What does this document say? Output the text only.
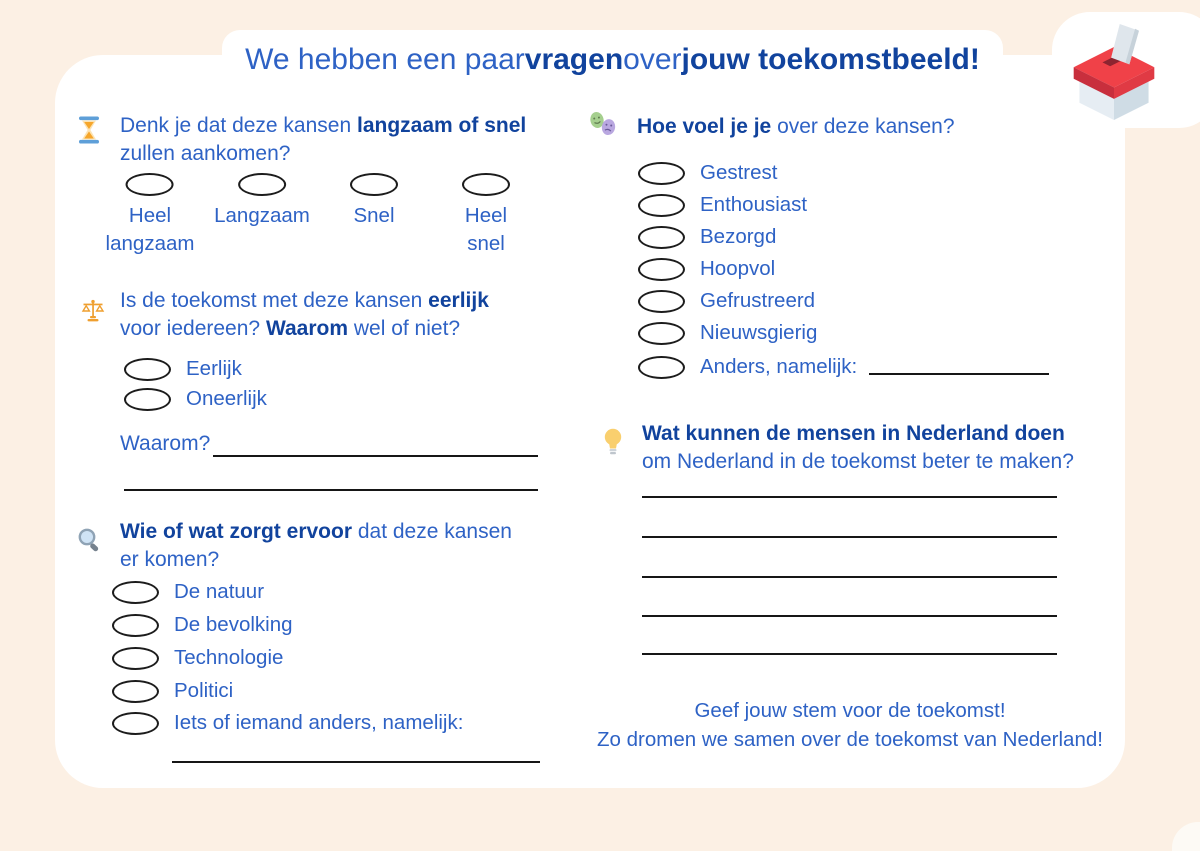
We hebben een paar vragen over jouw toekomstbeeld !
Denk je dat deze kansen langzaam of snel
zullen aankomen?
Heel
langzaam
Langzaam Snel	Heel
snel
Is de toekomst met deze kansen eerlijk
voor iedereen? Waarom wel of niet?
Eerlijk
Oneerlijk
Waarom?
Wie of wat zorgt ervoor dat deze kansen
er komen?
De natuur
De bevolking
Technologie
Politici
Iets of iemand anders, namelijk:
Hoe voel je je over deze kansen?
Gestrest
Enthousiast
Bezorgd
Hoopvol
Gefrustreerd
Nieuwsgierig
Anders, namelijk:
Wat kunnen de mensen in Nederland doen
om Nederland in de toekomst beter te maken?
Geef jouw stem voor de toekomst!
Zo dromen we samen over de toekomst van Nederland!
